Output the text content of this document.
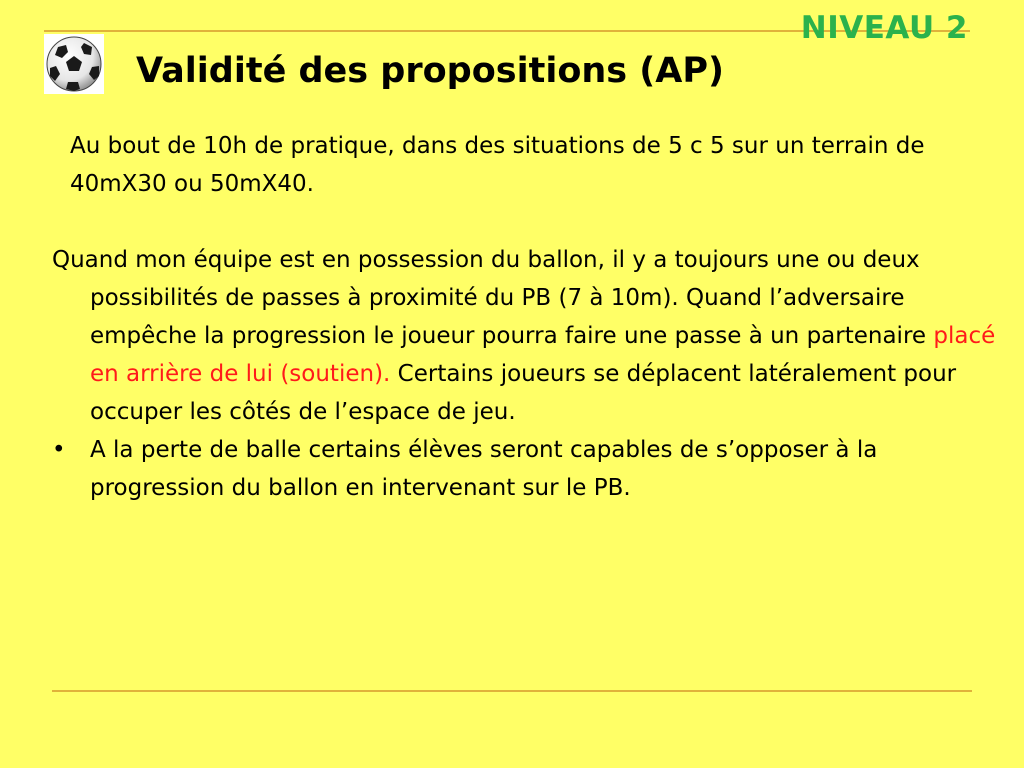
NIVEAU 2
Validité des propositions (AP)
Au bout de 10h de pratique, dans des situations de 5 c 5 sur un terrain de 40mX30 ou 50mX40.
Quand mon équipe est en possession du ballon, il y a toujours une ou deux possibilités de passes à proximité du PB (7 à 10m). Quand l’adversaire empêche la progression le joueur pourra faire une passe à un partenaire placé en arrière de lui (soutien). Certains joueurs se déplacent latéralement pour occuper les côtés de l’espace de jeu.
• A la perte de balle certains élèves seront capables de s’opposer à la progression du ballon en intervenant sur le PB.
